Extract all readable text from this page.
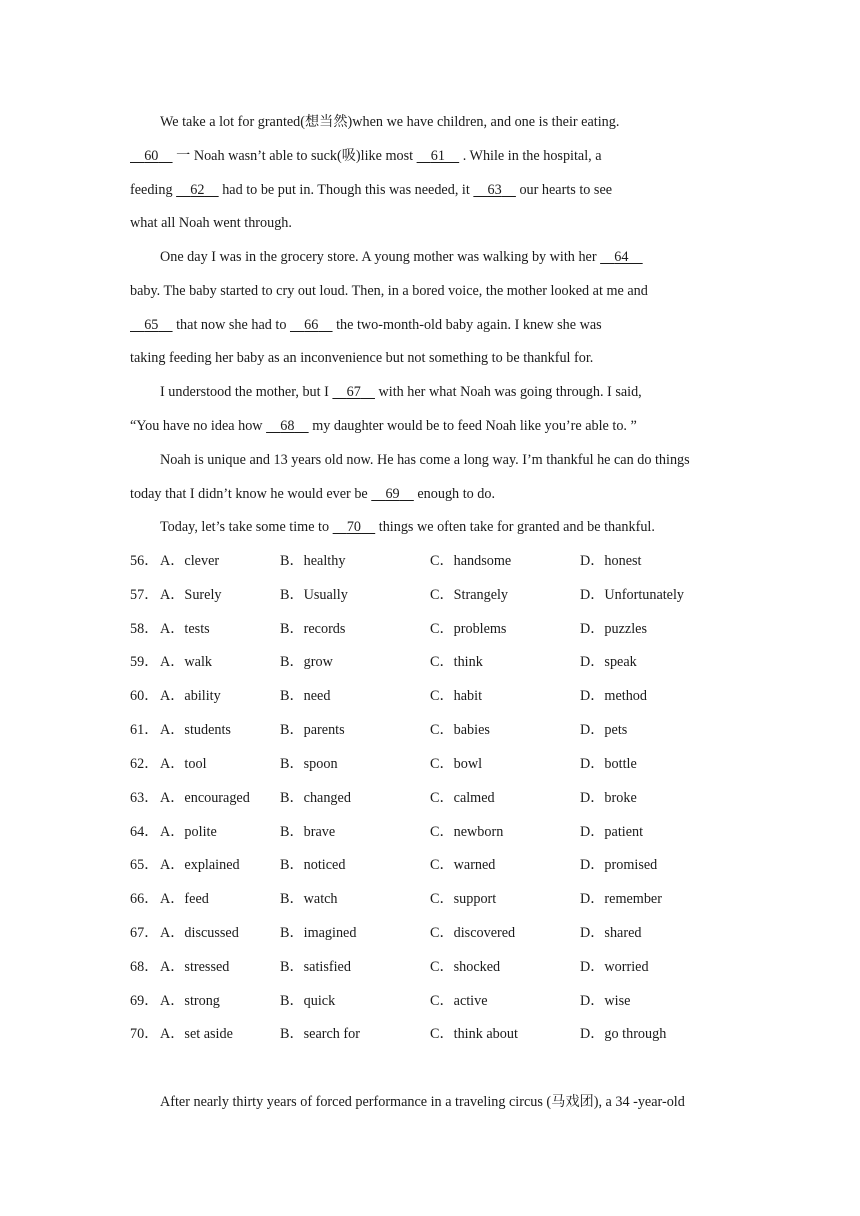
We take a lot for granted(想当然)when we have children, and one is their eating.
60 一 Noah wasn’t able to suck(吸)like most 61 . While in the hospital, a
feeding 62 had to be put in. Though this was needed, it 63 our hearts to see
what all Noah went through.
One day I was in the grocery store. A young mother was walking by with her 64
baby. The baby started to cry out loud. Then, in a bored voice, the mother looked at me and
65 that now she had to 66 the two-month-old baby again. I knew she was
taking feeding her baby as an inconvenience but not something to be thankful for.
I understood the mother, but I 67 with her what Noah was going through. I said,
“You have no idea how 68 my daughter would be to feed Noah like you’re able to. ”
Noah is unique and 13 years old now. He has come a long way. I’m thankful he can do things
today that I didn’t know he would ever be 69 enough to do.
Today, let’s take some time to 70 things we often take for granted and be thankful.
56． A．clever	B．healthy	C．handsome	D．honest
57． A．Surely	B．Usually	C．Strangely	D．Unfortunately
58． A．tests	B．records	C．problems	D．puzzles
59． A．walk	B．grow	C．think	D．speak
60． A．ability	B．need	C．habit	D．method
61． A．students	B．parents	C．babies	D．pets
62． A．tool	B．spoon	C．bowl	D．bottle
63． A．encouraged B．changed	C．calmed	D．broke
64． A．polite	B．brave	C．newborn	D．patient
65． A．explained	B．noticed	C．warned	D．promised
66． A．feed	B．watch	C．support	D．remember
67． A．discussed	B．imagined	C．discovered	D．shared
68． A．stressed	B．satisfied	C．shocked	D．worried
69． A．strong	B．quick	C．active	D．wise
70． A．set aside	B．search for	C．think about	D．go through
After nearly thirty years of forced performance in a traveling circus (马戏团), a 34 -year-old
